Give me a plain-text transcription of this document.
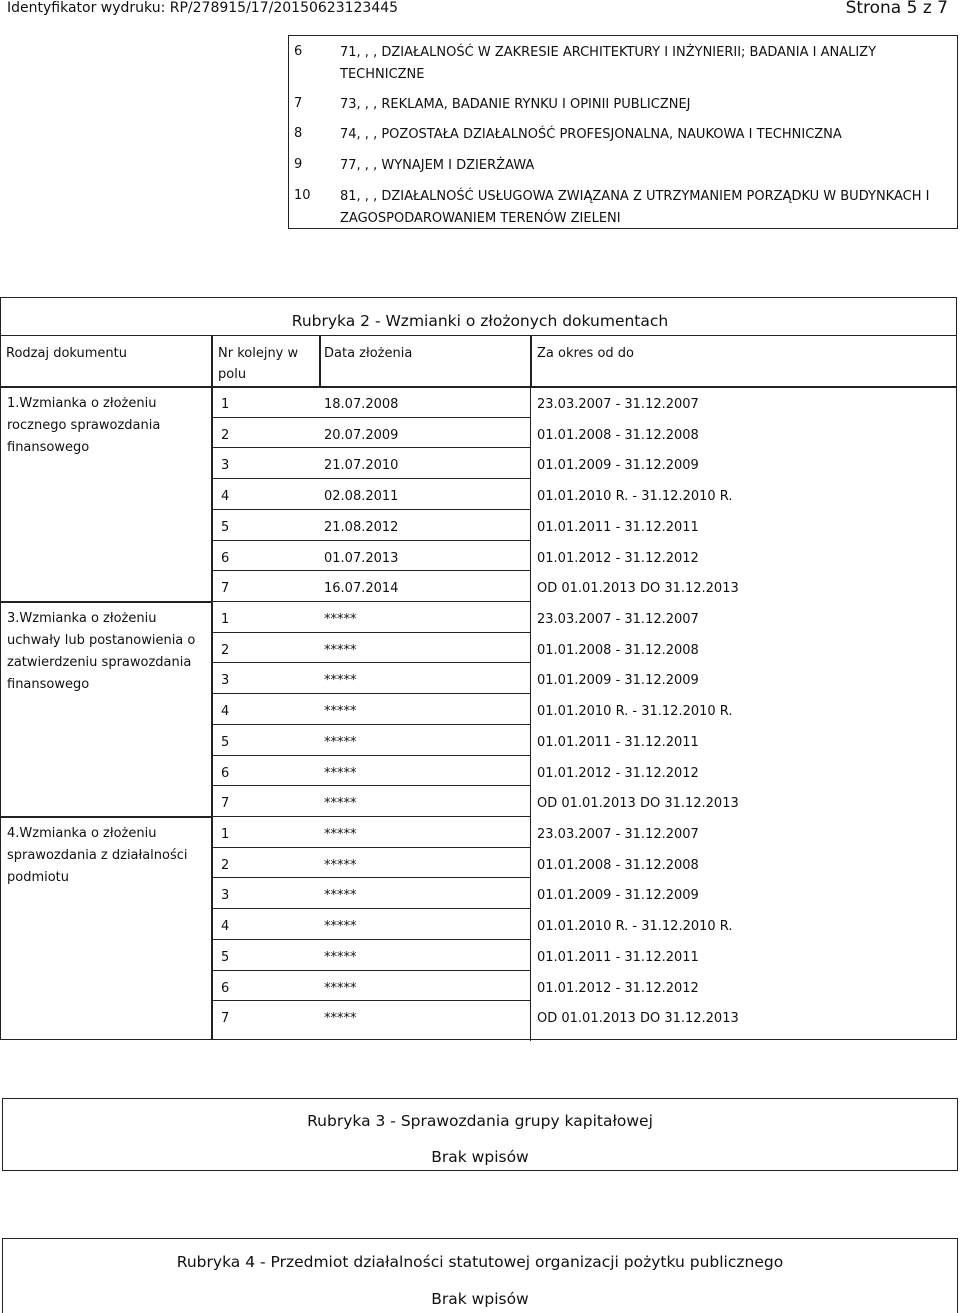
Identyfikator wydruku: RP/278915/17/20150623123445	Strona 5 z 7
6	71, , , DZIAŁALNOŚĆ W ZAKRESIE ARCHITEKTURY I INŻYNIERII; BADANIA I ANALIZY TECHNICZNE
7	73, , , REKLAMA, BADANIE RYNKU I OPINII PUBLICZNEJ
8	74, , , POZOSTAŁA DZIAŁALNOŚĆ PROFESJONALNA, NAUKOWA I TECHNICZNA
9	77, , , WYNAJEM I DZIERŻAWA
10 81, , , DZIAŁALNOŚĆ USŁUGOWA ZWIĄZANA Z UTRZYMANIEM PORZĄDKU W BUDYNKACH I ZAGOSPODAROWANIEM TERENÓW ZIELENI
Rubryka 2 - Wzmianki o złożonych dokumentach
Rodzaj dokumentu	Nr kolejny w polu
Data złożenia	Za okres od do
1.Wzmianka o złożeniu rocznego sprawozdania finansowego
1	18.07.2008	23.03.2007 - 31.12.2007
2	20.07.2009	01.01.2008 - 31.12.2008
3	21.07.2010	01.01.2009 - 31.12.2009
4	02.08.2011	01.01.2010 R. - 31.12.2010 R.
5	21.08.2012	01.01.2011 - 31.12.2011
6	01.07.2013	01.01.2012 - 31.12.2012
7	16.07.2014	OD 01.01.2013 DO 31.12.2013
3.Wzmianka o złożeniu uchwały lub postanowienia o zatwierdzeniu sprawozdania finansowego
1	*****	23.03.2007 - 31.12.2007
2	*****	01.01.2008 - 31.12.2008
3	*****	01.01.2009 - 31.12.2009
4	*****	01.01.2010 R. - 31.12.2010 R.
5	*****	01.01.2011 - 31.12.2011
6	*****	01.01.2012 - 31.12.2012
7	*****	OD 01.01.2013 DO 31.12.2013
4.Wzmianka o złożeniu sprawozdania z działalności podmiotu
1	*****	23.03.2007 - 31.12.2007
2	*****	01.01.2008 - 31.12.2008
3	*****	01.01.2009 - 31.12.2009
4	*****	01.01.2010 R. - 31.12.2010 R.
5	*****	01.01.2011 - 31.12.2011
6	*****	01.01.2012 - 31.12.2012
7	*****	OD 01.01.2013 DO 31.12.2013
Rubryka 3 - Sprawozdania grupy kapitałowej
Brak wpisów
Rubryka 4 - Przedmiot działalności statutowej organizacji pożytku publicznego
Brak wpisów
